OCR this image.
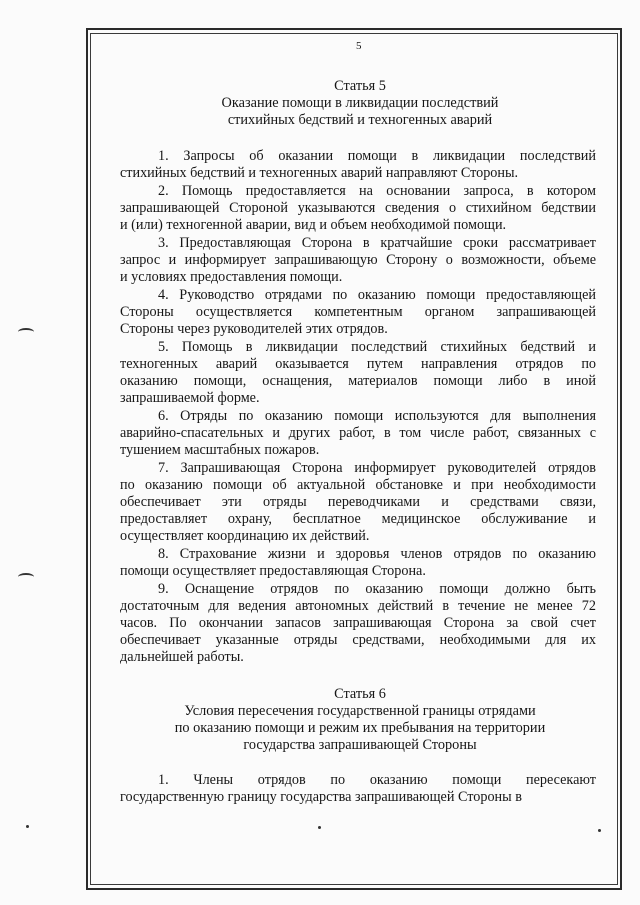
5
Статья 5
Оказание помощи в ликвидации последствий
стихийных бедствий и техногенных аварий
1. Запросы об оказании помощи в ликвидации последствий
стихийных бедствий и техногенных аварий направляют Стороны.
2. Помощь предоставляется на основании запроса, в котором
запрашивающей Стороной указываются сведения о стихийном бедствии
и (или) техногенной аварии, вид и объем необходимой помощи.
3. Предоставляющая Сторона в кратчайшие сроки рассматривает
запрос и информирует запрашивающую Сторону о возможности, объеме
и условиях предоставления помощи.
4. Руководство отрядами по оказанию помощи предоставляющей
Стороны осуществляется компетентным органом запрашивающей
Стороны через руководителей этих отрядов.
5. Помощь в ликвидации последствий стихийных бедствий и
техногенных аварий оказывается путем направления отрядов по
оказанию помощи, оснащения, материалов помощи либо в иной
запрашиваемой форме.
6. Отряды по оказанию помощи используются для выполнения
аварийно-спасательных и других работ, в том числе работ, связанных с
тушением масштабных пожаров.
7. Запрашивающая Сторона информирует руководителей отрядов
по оказанию помощи об актуальной обстановке и при необходимости
обеспечивает эти отряды переводчиками и средствами связи,
предоставляет охрану, бесплатное медицинское обслуживание и
осуществляет координацию их действий.
8. Страхование жизни и здоровья членов отрядов по оказанию
помощи осуществляет предоставляющая Сторона.
9. Оснащение отрядов по оказанию помощи должно быть
достаточным для ведения автономных действий в течение не менее 72
часов. По окончании запасов запрашивающая Сторона за свой счет
обеспечивает указанные отряды средствами, необходимыми для их
дальнейшей работы.
Статья 6
Условия пересечения государственной границы отрядами
по оказанию помощи и режим их пребывания на территории
государства запрашивающей Стороны
1. Члены отрядов по оказанию помощи пересекают
государственную границу государства запрашивающей Стороны в
